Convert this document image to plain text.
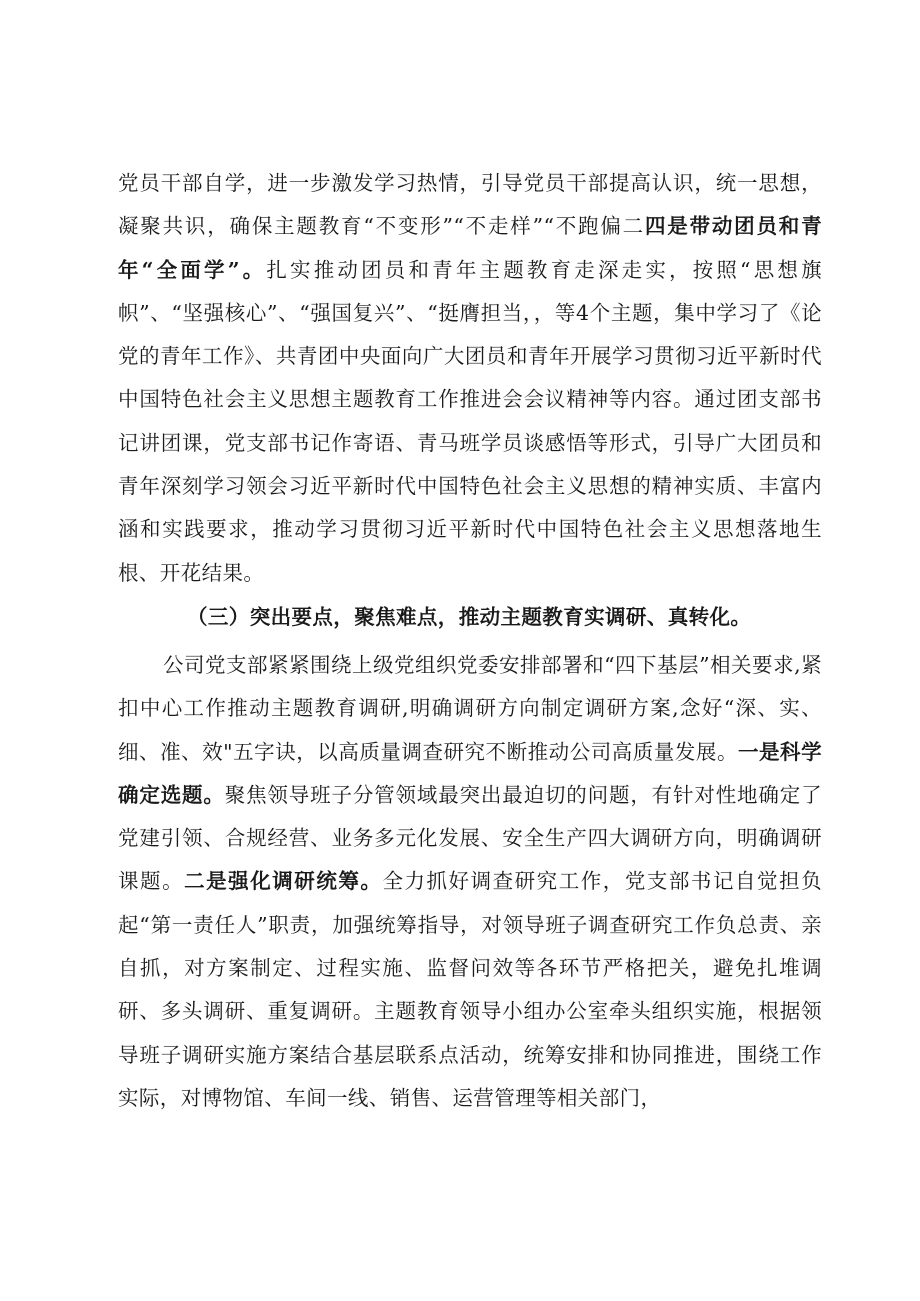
党员干部自学，进一步激发学习热情，引导党员干部提高认识，统一思想，凝聚共识，确保主题教育“不变形”“不走样”“不跑偏二四是带动团员和青年“全面学”。扎实推动团员和青年主题教育走深走实，按照“思想旗帜”、“坚强核心”、“强国复兴”、“挺膺担当，，等4个主题，集中学习了《论党的青年工作》、共青团中央面向广大团员和青年开展学习贯彻习近平新时代中国特色社会主义思想主题教育工作推进会会议精神等内容。通过团支部书记讲团课，党支部书记作寄语、青马班学员谈感悟等形式，引导广大团员和青年深刻学习领会习近平新时代中国特色社会主义思想的精神实质、丰富内涵和实践要求，推动学习贯彻习近平新时代中国特色社会主义思想落地生根、开花结果。
（三）突出要点，聚焦难点，推动主题教育实调研、真转化。
公司党支部紧紧围绕上级党组织党委安排部署和“四下基层”相关要求,紧扣中心工作推动主题教育调研,明确调研方向制定调研方案,念好“深、实、细、准、效"五字诀，以高质量调查研究不断推动公司高质量发展。一是科学确定选题。聚焦领导班子分管领域最突出最迫切的问题，有针对性地确定了党建引领、合规经营、业务多元化发展、安全生产四大调研方向，明确调研课题。二是强化调研统筹。全力抓好调查研究工作，党支部书记自觉担负起“第一责任人”职责，加强统筹指导，对领导班子调查研究工作负总责、亲自抓，对方案制定、过程实施、监督问效等各环节严格把关，避免扎堆调研、多头调研、重复调研。主题教育领导小组办公室牵头组织实施，根据领导班子调研实施方案结合基层联系点活动，统筹安排和协同推进，围绕工作实际，对博物馆、车间一线、销售、运营管理等相关部门，
